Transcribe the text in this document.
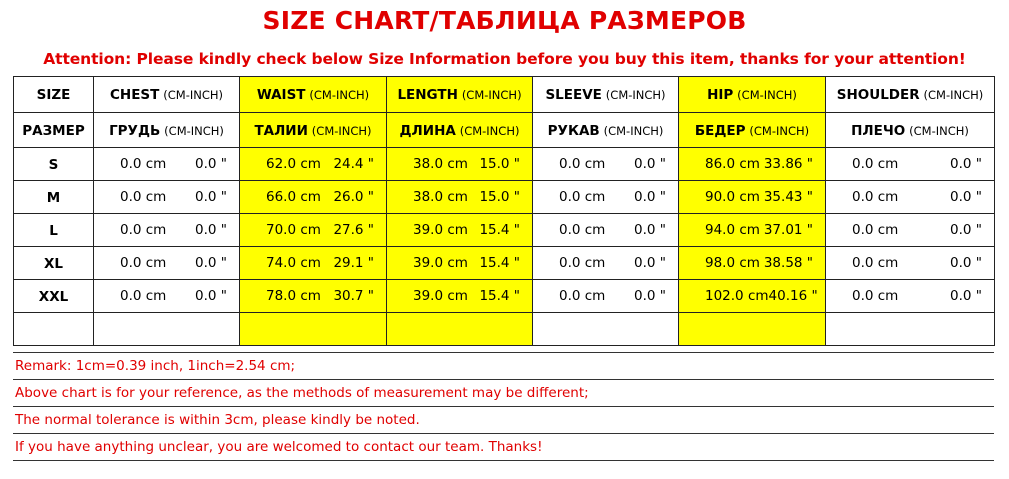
SIZE CHART/ТАБЛИЦА РАЗМЕРОВ
Attention: Please kindly check below Size Information before you buy this item, thanks for your attention!
SIZE	CHEST (CM-INCH)	WAIST (CM-INCH)	LENGTH (CM-INCH)	SLEEVE (CM-INCH)	HIP (CM-INCH)	SHOULDER (CM-INCH)
РАЗМЕР	ГРУДЬ (CM-INCH)	ТАЛИИ (CM-INCH)	ДЛИНА (CM-INCH)	РУКАВ (CM-INCH)	БЕДЕР (CM-INCH)	ПЛЕЧО (CM-INCH)
S	0.0 cm 0.0 "	62.0 cm 24.4 "	38.0 cm 15.0 "	0.0 cm 0.0 "	86.0 cm 33.86 "	0.0 cm 0.0 "

M	0.0 cm 0.0 "	66.0 cm 26.0 "	38.0 cm 15.0 "	0.0 cm 0.0 "	90.0 cm 35.43 "	0.0 cm 0.0 "

L	0.0 cm 0.0 "	70.0 cm 27.6 "	39.0 cm 15.4 "	0.0 cm 0.0 "	94.0 cm 37.01 "	0.0 cm 0.0 "

XL	0.0 cm 0.0 "	74.0 cm 29.1 "	39.0 cm 15.4 "	0.0 cm 0.0 "	98.0 cm 38.58 "	0.0 cm 0.0 "

XXL	0.0 cm 0.0 "	78.0 cm 30.7 "	39.0 cm 15.4 "	0.0 cm 0.0 "	102.0 cm 40.16 "	0.0 cm 0.0 "

Remark: 1cm=0.39 inch, 1inch=2.54 cm;
Above chart is for your reference, as the methods of measurement may be different;
The normal tolerance is within 3cm, please kindly be noted.
If you have anything unclear, you are welcomed to contact our team. Thanks!
